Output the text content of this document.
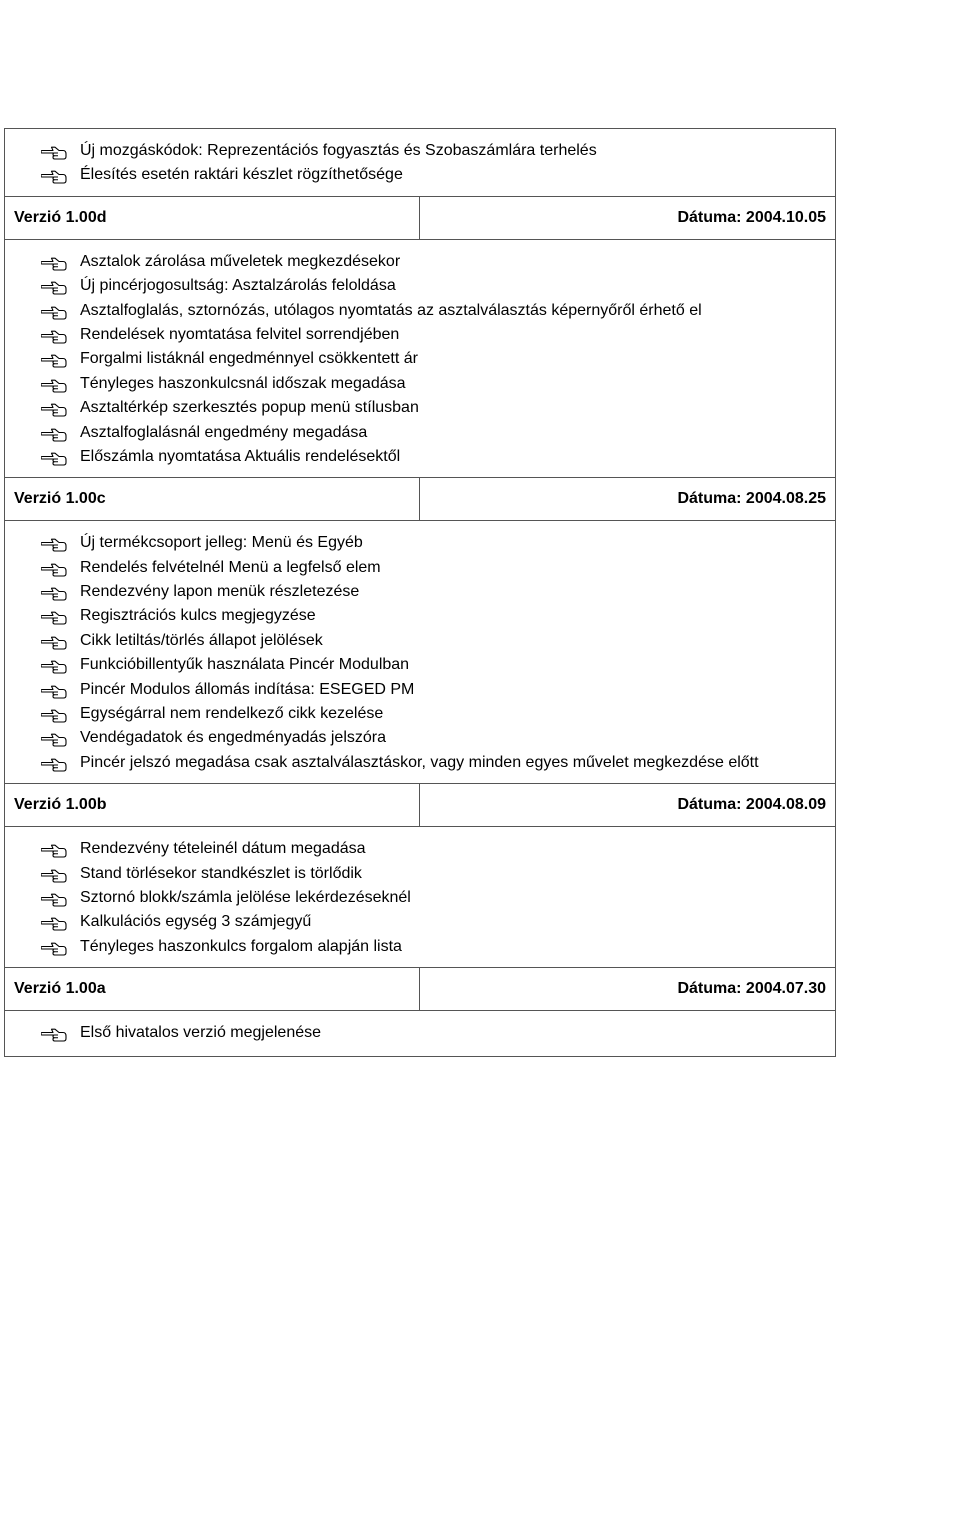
Új mozgáskódok: Reprezentációs fogyasztás és Szobaszámlára terhelés
Élesítés esetén raktári készlet rögzíthetősége
Verzió 1.00d	Dátuma: 2004.10.05
Asztalok zárolása műveletek megkezdésekor
Új pincérjogosultság: Asztalzárolás feloldása
Asztalfoglalás, sztornózás, utólagos nyomtatás az asztalválasztás képernyőről érhető el
Rendelések nyomtatása felvitel sorrendjében
Forgalmi listáknál engedménnyel csökkentett ár
Tényleges haszonkulcsnál időszak megadása
Asztaltérkép szerkesztés popup menü stílusban
Asztalfoglalásnál engedmény megadása
Előszámla nyomtatása Aktuális rendelésektől
Verzió 1.00c	Dátuma: 2004.08.25
Új termékcsoport jelleg: Menü és Egyéb
Rendelés felvételnél Menü a legfelső elem
Rendezvény lapon menük részletezése
Regisztrációs kulcs megjegyzése
Cikk letiltás/törlés állapot jelölések
Funkcióbillentyűk használata Pincér Modulban
Pincér Modulos állomás indítása: ESEGED PM
Egységárral nem rendelkező cikk kezelése
Vendégadatok és engedményadás jelszóra
Pincér jelszó megadása csak asztalválasztáskor, vagy minden egyes művelet megkezdése előtt
Verzió 1.00b	Dátuma: 2004.08.09
Rendezvény tételeinél dátum megadása
Stand törlésekor standkészlet is törlődik
Sztornó blokk/számla jelölése lekérdezéseknél
Kalkulációs egység 3 számjegyű
Tényleges haszonkulcs forgalom alapján lista
Verzió 1.00a	Dátuma: 2004.07.30
Első hivatalos verzió megjelenése
